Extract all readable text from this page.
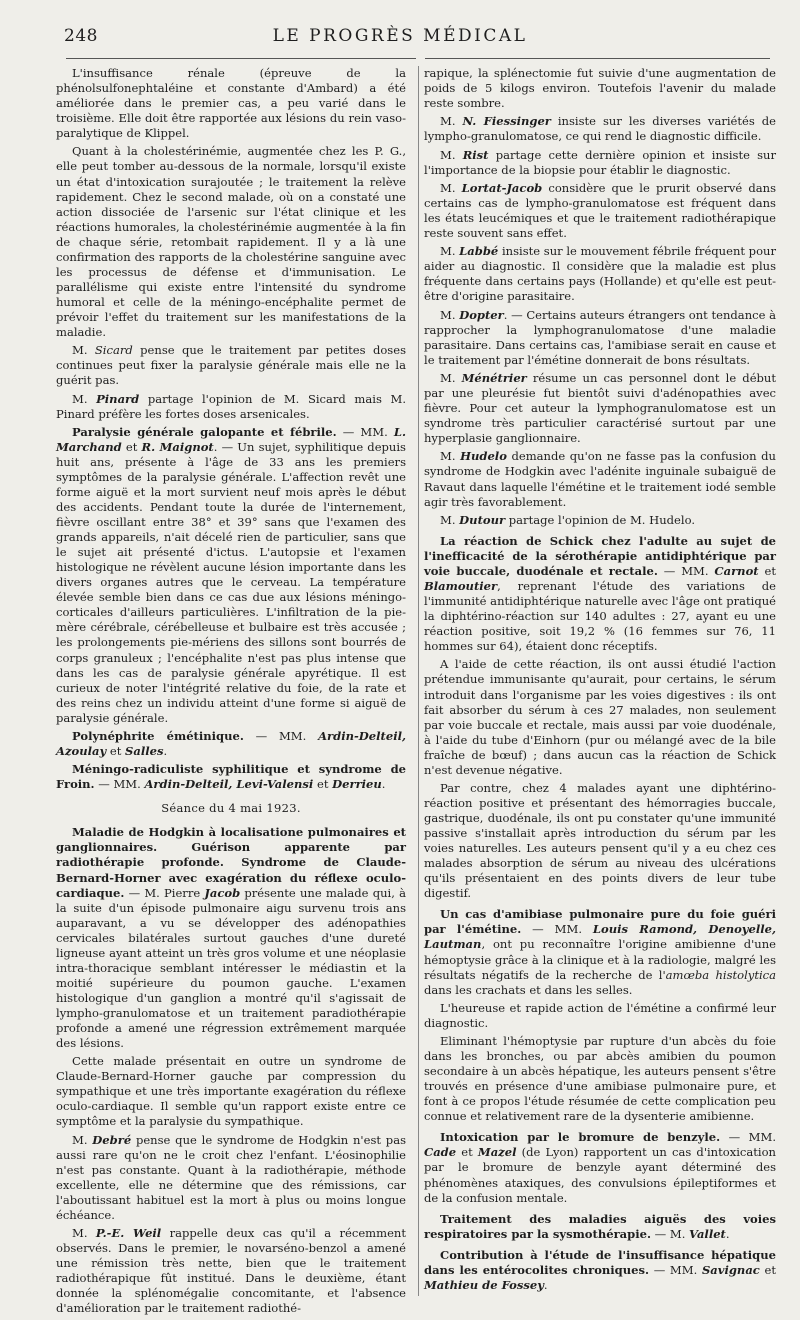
248	LE PROGRÈS MÉDICAL

L'insuffisance rénale (épreuve de la phénolsulfonephtaléine et constante d'Ambard) a été améliorée dans le premier cas, a peu varié dans le troisième. Elle doit être rapportée aux lésions du rein vaso-paralytique de Klippel.

Quant à la cholestérinémie, augmentée chez les P. G., elle peut tomber au-dessous de la normale, lorsqu'il existe un état d'intoxication surajoutée ; le traitement la relève rapidement. Chez le second malade, où on a constaté une action dissociée de l'arsenic sur l'état clinique et les réactions humorales, la cholestérinémie augmentée à la fin de chaque série, retombait rapidement. Il y a là une confirmation des rapports de la cholestérine sanguine avec les processus de défense et d'immunisation. Le parallélisme qui existe entre l'intensité du syndrome humoral et celle de la méningo-encéphalite permet de prévoir l'effet du traitement sur les manifestations de la maladie.

M. Sicard pense que le traitement par petites doses continues peut fixer la paralysie générale mais elle ne la guérit pas.

M. Pinard partage l'opinion de M. Sicard mais M. Pinard préfère les fortes doses arsenicales.

Paralysie générale galopante et fébrile. — MM. L. Marchand et R. Maignot. — Un sujet, syphilitique depuis huit ans, présente à l'âge de 33 ans les premiers symptômes de la paralysie générale. L'affection revêt une forme aiguë et la mort survient neuf mois après le début des accidents. Pendant toute la durée de l'internement, fièvre oscillant entre 38° et 39° sans que l'examen des grands appareils, n'ait décelé rien de particulier, sans que le sujet ait présenté d'ictus. L'autopsie et l'examen histologique ne révèlent aucune lésion importante dans les divers organes autres que le cerveau. La température élevée semble bien dans ce cas due aux lésions méningo-corticales d'ailleurs particulières. L'infiltration de la pie-mère cérébrale, cérébelleuse et bulbaire est très accusée ; les prolongements pie-mériens des sillons sont bourrés de corps granuleux ; l'encéphalite n'est pas plus intense que dans les cas de paralysie générale apyrétique. Il est curieux de noter l'intégrité relative du foie, de la rate et des reins chez un individu atteint d'une forme si aiguë de paralysie générale.

Polynéphrite émétinique. — MM. Ardin-Delteil, Azoulay et Salles.

Méningo-radiculiste syphilitique et syndrome de Froin. — MM. Ardin-Delteil, Levi-Valensi et Derrieu.

Séance du 4 mai 1923.

Maladie de Hodgkin à localisatione pulmonaires et ganglionnaires. Guérison apparente par radiothérapie profonde. Syndrome de Claude-Bernard-Horner avec exagération du réflexe oculo-cardiaque. — M. Pierre Jacob présente une malade qui, à la suite d'un épisode pulmonaire aigu survenu trois ans auparavant, a vu se développer des adénopathies cervicales bilatérales surtout gauches d'une dureté ligneuse ayant atteint un très gros volume et une néoplasie intra-thoracique semblant intéresser le médiastin et la moitié supérieure du poumon gauche. L'examen histologique d'un ganglion a montré qu'il s'agissait de lympho-granulomatose et un traitement paradiothérapie profonde a amené une régression extrêmement marquée des lésions.

Cette malade présentait en outre un syndrome de Claude-Bernard-Horner gauche par compression du sympathique et une très importante exagération du réflexe oculo-cardiaque. Il semble qu'un rapport existe entre ce symptôme et la paralysie du sympathique.

M. Debré pense que le syndrome de Hodgkin n'est pas aussi rare qu'on ne le croit chez l'enfant. L'éosinophilie n'est pas constante. Quant à la radiothérapie, méthode excellente, elle ne détermine que des rémissions, car l'aboutissant habituel est la mort à plus ou moins longue échéance.

M. P.-E. Weil rappelle deux cas qu'il a récemment observés. Dans le premier, le novarséno-benzol a amené une rémission très nette, bien que le traitement radiothérapique fût institué. Dans le deuxième, étant donnée la splénomégalie concomitante, et l'absence d'amélioration par le traitement radiothé-

rapique, la splénectomie fut suivie d'une augmentation de poids de 5 kilogs environ. Toutefois l'avenir du malade reste sombre.

M. N. Fiessinger insiste sur les diverses variétés de lympho-granulomatose, ce qui rend le diagnostic difficile.

M. Rist partage cette dernière opinion et insiste sur l'importance de la biopsie pour établir le diagnostic.

M. Lortat-Jacob considère que le prurit observé dans certains cas de lympho-granulomatose est fréquent dans les états leucémiques et que le traitement radiothérapique reste souvent sans effet.

M. Labbé insiste sur le mouvement fébrile fréquent pour aider au diagnostic. Il considère que la maladie est plus fréquente dans certains pays (Hollande) et qu'elle est peut-être d'origine parasitaire.

M. Dopter. — Certains auteurs étrangers ont tendance à rapprocher la lymphogranulomatose d'une maladie parasitaire. Dans certains cas, l'amibiase serait en cause et le traitement par l'émétine donnerait de bons résultats.

M. Ménétrier résume un cas personnel dont le début par une pleurésie fut bientôt suivi d'adénopathies avec fièvre. Pour cet auteur la lymphogranulomatose est un syndrome très particulier caractérisé surtout par une hyperplasie ganglionnaire.

M. Hudelo demande qu'on ne fasse pas la confusion du syndrome de Hodgkin avec l'adénite inguinale subaiguë de Ravaut dans laquelle l'émétine et le traitement iodé semble agir très favorablement.

M. Dutour partage l'opinion de M. Hudelo.

La réaction de Schick chez l'adulte au sujet de l'inefficacité de la sérothérapie antidiphtérique par voie buccale, duodénale et rectale. — MM. Carnot et Blamoutier, reprenant l'étude des variations de l'immunité antidiphtérique naturelle avec l'âge ont pratiqué la diphtérino-réaction sur 140 adultes : 27, ayant eu une réaction positive, soit 19,2 % (16 femmes sur 76, 11 hommes sur 64), étaient donc réceptifs.

A l'aide de cette réaction, ils ont aussi étudié l'action prétendue immunisante qu'aurait, pour certains, le sérum introduit dans l'organisme par les voies digestives : ils ont fait absorber du sérum à ces 27 malades, non seulement par voie buccale et rectale, mais aussi par voie duodénale, à l'aide du tube d'Einhorn (pur ou mélangé avec de la bile fraîche de bœuf) ; dans aucun cas la réaction de Schick n'est devenue négative.

Par contre, chez 4 malades ayant une diphtérino-réaction positive et présentant des hémorragies buccale, gastrique, duodénale, ils ont pu constater qu'une immunité passive s'installait après introduction du sérum par les voies naturelles. Les auteurs pensent qu'il y a eu chez ces malades absorption de sérum au niveau des ulcérations qu'ils présentaient en des points divers de leur tube digestif.

Un cas d'amibiase pulmonaire pure du foie guéri par l'émétine. — MM. Louis Ramond, Denoyelle, Lautman, ont pu reconnaître l'origine amibienne d'une hémoptysie grâce à la clinique et à la radiologie, malgré les résultats négatifs de la recherche de l'amœba histolytica dans les crachats et dans les selles.

L'heureuse et rapide action de l'émétine a confirmé leur diagnostic.

Eliminant l'hémoptysie par rupture d'un abcès du foie dans les bronches, ou par abcès amibien du poumon secondaire à un abcès hépatique, les auteurs pensent s'être trouvés en présence d'une amibiase pulmonaire pure, et font à ce propos l'étude résumée de cette complication peu connue et relativement rare de la dysenterie amibienne.

Intoxication par le bromure de benzyle. — MM. Cade et Mazel (de Lyon) rapportent un cas d'intoxication par le bromure de benzyle ayant déterminé des phénomènes ataxiques, des convulsions épileptiformes et de la confusion mentale.

Traitement des maladies aiguës des voies respiratoires par la sysmothérapie. — M. Vallet.

Contribution à l'étude de l'insuffisance hépatique dans les entérocolites chroniques. — MM. Savignac et Mathieu de Fossey.
